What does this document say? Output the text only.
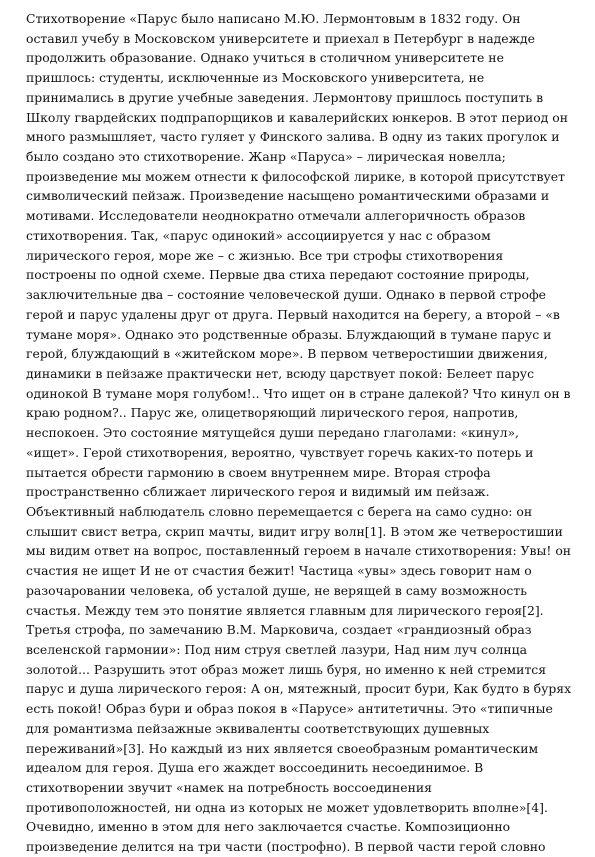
Стихотворение «Парус было написано М.Ю. Лермонтовым в 1832 году. Он
оставил учебу в Московском университете и приехал в Петербург в надежде
продолжить образование. Однако учиться в столичном университете не
пришлось: студенты, исключенные из Московского университета, не
принимались в другие учебные заведения. Лермонтову пришлось поступить в
Школу гвардейских подпрапорщиков и кавалерийских юнкеров. В этот период он
много размышляет, часто гуляет у Финского залива. В одну из таких прогулок и
было создано это стихотворение. Жанр «Паруса» – лирическая новелла;
произведение мы можем отнести к философской лирике, в которой присутствует
символический пейзаж. Произведение насыщено романтическими образами и
мотивами. Исследователи неоднократно отмечали аллегоричность образов
стихотворения. Так, «парус одинокий» ассоциируется у нас с образом
лирического героя, море же – с жизнью. Все три строфы стихотворения
построены по одной схеме. Первые два стиха передают состояние природы,
заключительные два – состояние человеческой души. Однако в первой строфе
герой и парус удалены друг от друга. Первый находится на берегу, а второй – «в
тумане моря». Однако это родственные образы. Блуждающий в тумане парус и
герой, блуждающий в «житейском море». В первом четверостишии движения,
динамики в пейзаже практически нет, всюду царствует покой: Белеет парус
одинокой В тумане моря голубом!.. Что ищет он в стране далекой? Что кинул он в
краю родном?.. Парус же, олицетворяющий лирического героя, напротив,
неспокоен. Это состояние мятущейся души передано глаголами: «кинул»,
«ищет». Герой стихотворения, вероятно, чувствует горечь каких-то потерь и
пытается обрести гармонию в своем внутреннем мире. Вторая строфа
пространственно сближает лирического героя и видимый им пейзаж.
Объективный наблюдатель словно перемещается с берега на само судно: он
слышит свист ветра, скрип мачты, видит игру волн[1]. В этом же четверостишии
мы видим ответ на вопрос, поставленный героем в начале стихотворения: Увы! он
счастия не ищет И не от счастия бежит! Частица «увы» здесь говорит нам о
разочаровании человека, об усталой душе, не верящей в саму возможность
счастья. Между тем это понятие является главным для лирического героя[2].
Третья строфа, по замечанию В.М. Марковича, создает «грандиозный образ
вселенской гармонии»: Под ним струя светлей лазури, Над ним луч солнца
золотой... Разрушить этот образ может лишь буря, но именно к ней стремится
парус и душа лирического героя: А он, мятежный, просит бури, Как будто в бурях
есть покой! Образ бури и образ покоя в «Парусе» антитетичны. Это «типичные
для романтизма пейзажные эквиваленты соответствующих душевных
переживаний»[3]. Но каждый из них является своеобразным романтическим
идеалом для героя. Душа его жаждет воссоединить несоединимое. В
стихотворении звучит «намек на потребность воссоединения
противоположностей, ни одна из которых не может удовлетворить вполне»[4].
Очевидно, именно в этом для него заключается счастье. Композиционно
произведение делится на три части (построфно). В первой части герой словно
